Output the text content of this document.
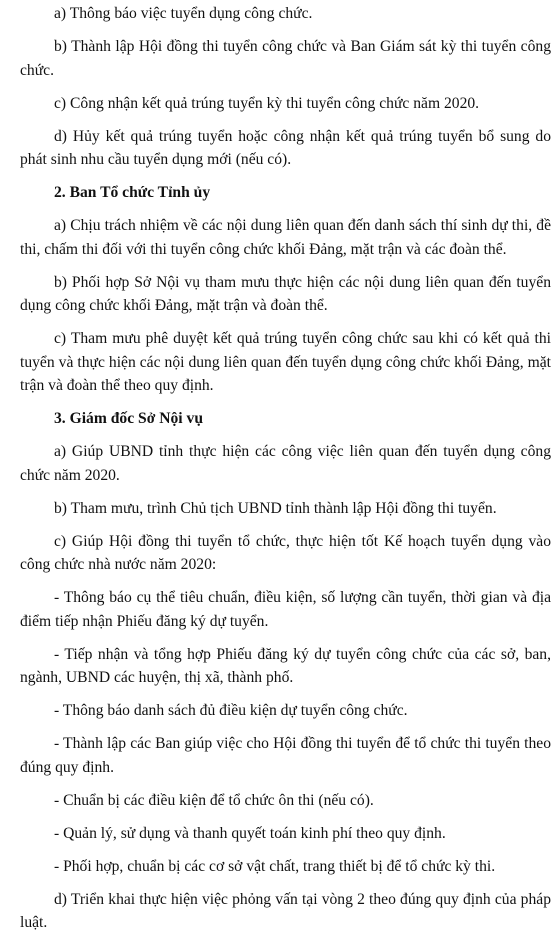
a) Thông báo việc tuyển dụng công chức.

b) Thành lập Hội đồng thi tuyển công chức và Ban Giám sát kỳ thi tuyển công chức.

c) Công nhận kết quả trúng tuyển kỳ thi tuyển công chức năm 2020.

d) Hủy kết quả trúng tuyển hoặc công nhận kết quả trúng tuyển bổ sung do phát sinh nhu cầu tuyển dụng mới (nếu có).

2. Ban Tổ chức Tỉnh ủy

a) Chịu trách nhiệm về các nội dung liên quan đến danh sách thí sinh dự thi, đề thi, chấm thi đối với thi tuyển công chức khối Đảng, mặt trận và các đoàn thể.

b) Phối hợp Sở Nội vụ tham mưu thực hiện các nội dung liên quan đến tuyển dụng công chức khối Đảng, mặt trận và đoàn thể.

c) Tham mưu phê duyệt kết quả trúng tuyển công chức sau khi có kết quả thi tuyển và thực hiện các nội dung liên quan đến tuyển dụng công chức khối Đảng, mặt trận và đoàn thể theo quy định.

3. Giám đốc Sở Nội vụ

a) Giúp UBND tỉnh thực hiện các công việc liên quan đến tuyển dụng công chức năm 2020.

b) Tham mưu, trình Chủ tịch UBND tỉnh thành lập Hội đồng thi tuyển.

c) Giúp Hội đồng thi tuyển tổ chức, thực hiện tốt Kế hoạch tuyển dụng vào công chức nhà nước năm 2020:

- Thông báo cụ thể tiêu chuẩn, điều kiện, số lượng cần tuyển, thời gian và địa điểm tiếp nhận Phiếu đăng ký dự tuyển.

- Tiếp nhận và tổng hợp Phiếu đăng ký dự tuyển công chức của các sở, ban, ngành, UBND các huyện, thị xã, thành phố.

- Thông báo danh sách đủ điều kiện dự tuyển công chức.

- Thành lập các Ban giúp việc cho Hội đồng thi tuyển để tổ chức thi tuyển theo đúng quy định.

- Chuẩn bị các điều kiện để tổ chức ôn thi (nếu có).

- Quản lý, sử dụng và thanh quyết toán kinh phí theo quy định.

- Phối hợp, chuẩn bị các cơ sở vật chất, trang thiết bị để tổ chức kỳ thi.

d) Triển khai thực hiện việc phỏng vấn tại vòng 2 theo đúng quy định của pháp luật.
